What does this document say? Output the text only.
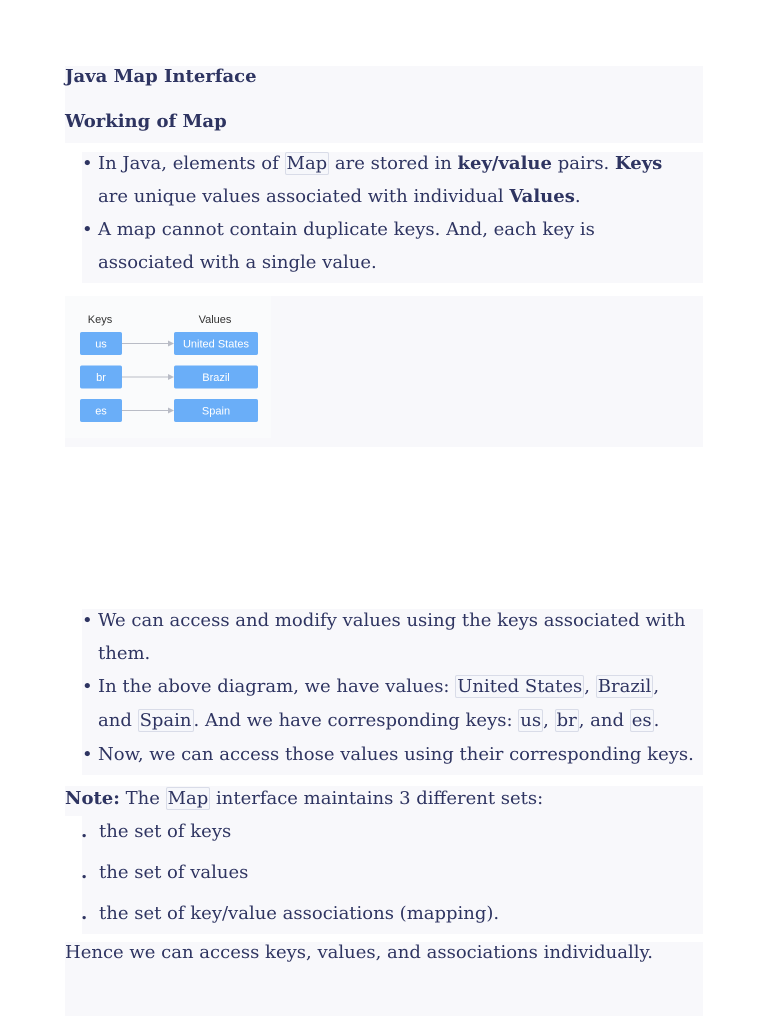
Java Map Interface
Working of Map
• In Java, elements of Map are stored in key/value pairs. Keys are unique values associated with individual Values.
• A map cannot contain duplicate keys. And, each key is associated with a single value.
Keys	Values
us	United States
br	Brazil
es	Spain
• We can access and modify values using the keys associated with them.
• In the above diagram, we have values: United States , Brazil , and Spain . And we have corresponding keys: us , br , and es .
• Now, we can access those values using their corresponding keys.

Note: The Map interface maintains 3 different sets:

. the set of keys
. the set of values
. the set of key/value associations (mapping).

Hence we can access keys, values, and associations individually.
